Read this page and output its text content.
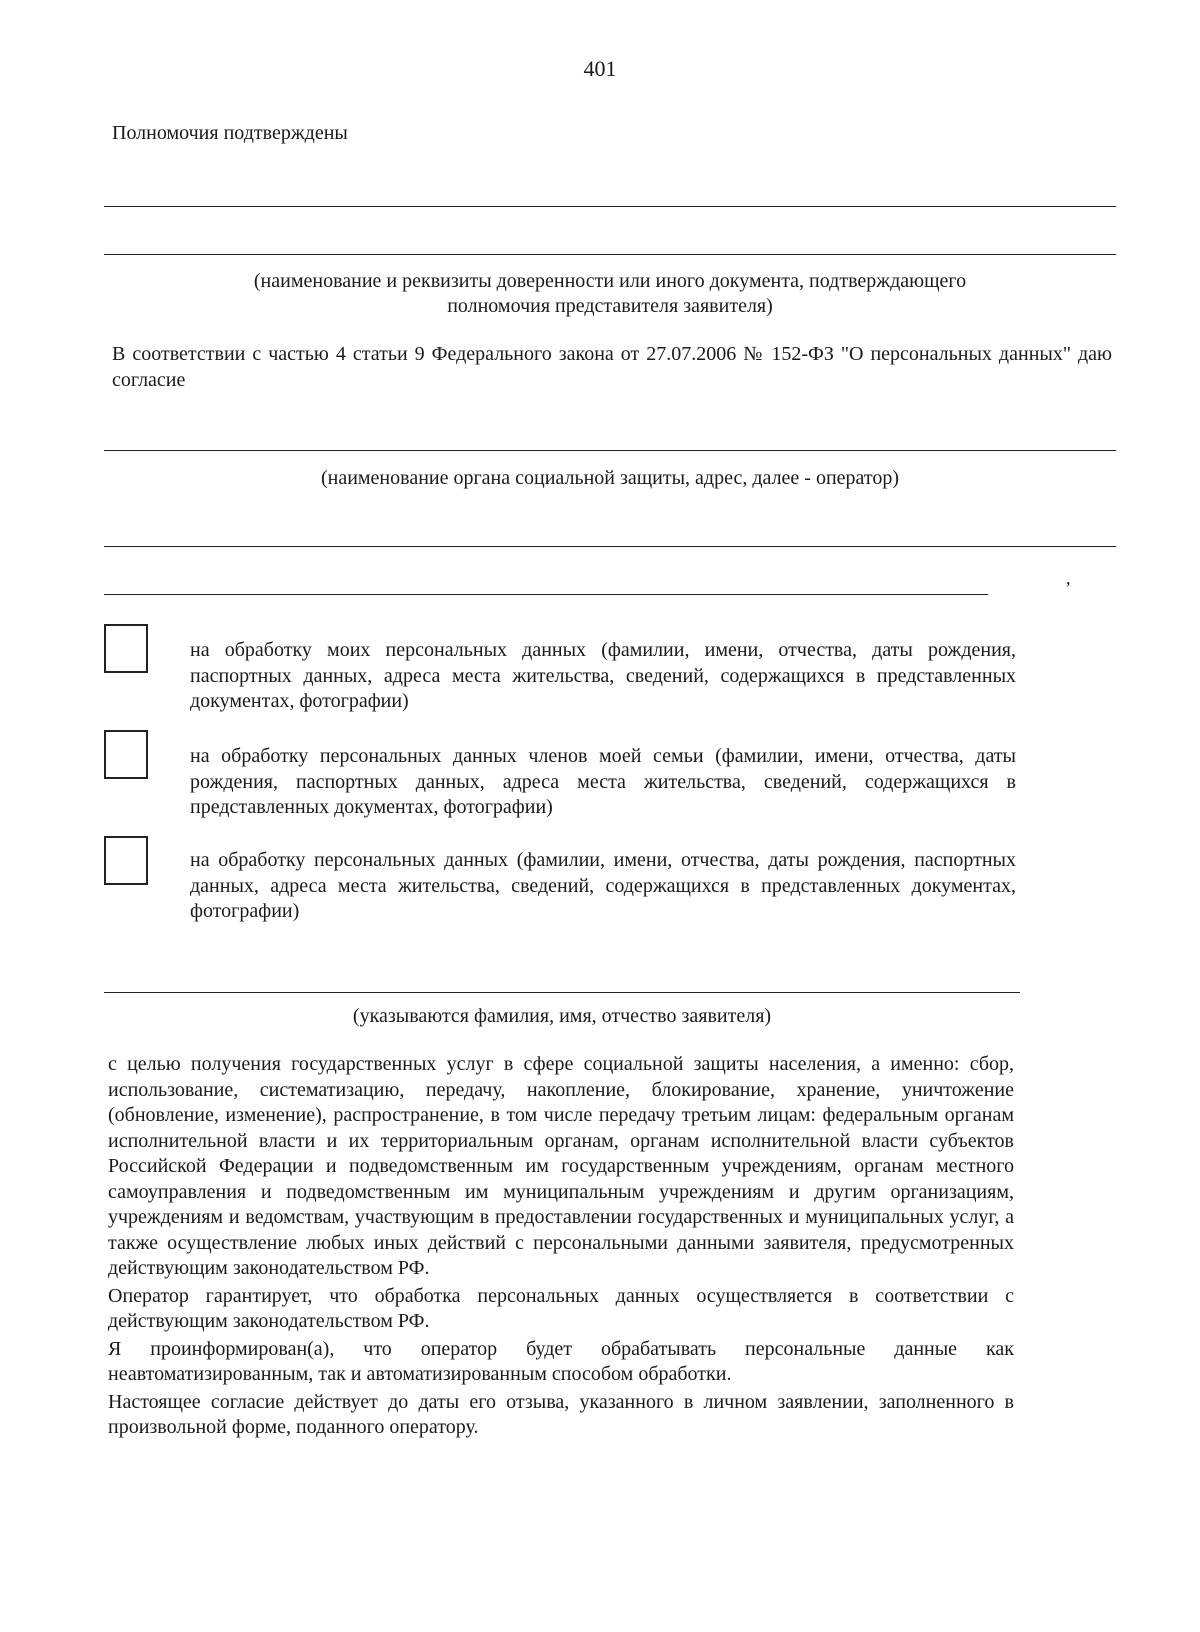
401
Полномочия подтверждены
(наименование и реквизиты доверенности или иного документа, подтверждающего
полномочия представителя заявителя)
В соответствии с частью 4 статьи 9 Федерального закона от 27.07.2006 № 152-ФЗ "О персональных данных" даю согласие
(наименование органа социальной защиты, адрес, далее - оператор)
,
на обработку моих персональных данных (фамилии, имени, отчества, даты рождения, паспортных данных, адреса места жительства, сведений, содержащихся в представленных документах, фотографии)
на обработку персональных данных членов моей семьи (фамилии, имени, отчества, даты рождения, паспортных данных, адреса места жительства, сведений, содержащихся в представленных документах, фотографии)
на обработку персональных данных (фамилии, имени, отчества, даты рождения, паспортных данных, адреса места жительства, сведений, содержащихся в представленных документах, фотографии)
(указываются фамилия, имя, отчество заявителя)

с целью получения государственных услуг в сфере социальной защиты населения, а именно: сбор, использование, систематизацию, передачу, накопление, блокирование, хранение, уничтожение (обновление, изменение), распространение, в том числе передачу третьим лицам: федеральным органам исполнительной власти и их территориальным органам, органам исполнительной власти субъектов Российской Федерации и подведомственным им государственным учреждениям, органам местного самоуправления и подведомственным им муниципальным учреждениям и другим организациям, учреждениям и ведомствам, участвующим в предоставлении государственных и муниципальных услуг, а также осуществление любых иных действий с персональными данными заявителя, предусмотренных действующим законодательством РФ.

Оператор гарантирует, что обработка персональных данных осуществляется в соответствии с действующим законодательством РФ.

Я проинформирован(а), что оператор будет обрабатывать персональные данные как неавтоматизированным, так и автоматизированным способом обработки.

Настоящее согласие действует до даты его отзыва, указанного в личном заявлении, заполненного в произвольной форме, поданного оператору.
